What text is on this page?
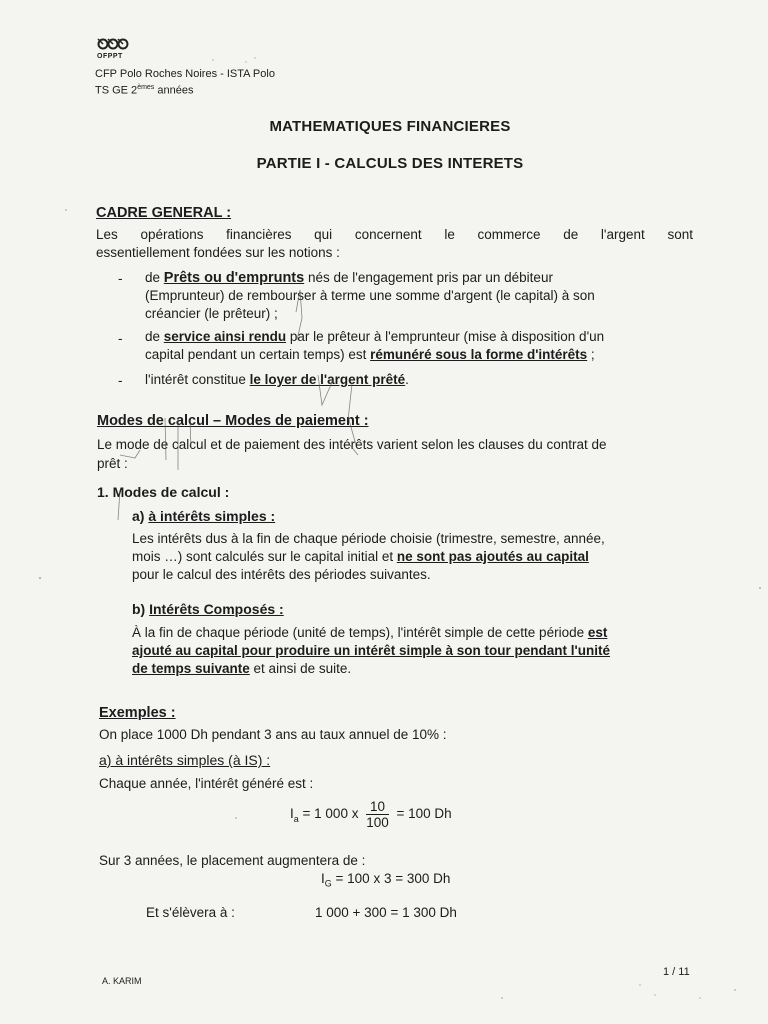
OFPPT
CFP Polo Roches Noires - ISTA Polo
TS GE 2èmes années
MATHEMATIQUES FINANCIERES
PARTIE I - CALCULS DES INTERETS
CADRE GENERAL :
Les opérations financières qui concernent le commerce de l'argent sont
essentiellement fondées sur les notions :
- de Prêts ou d'emprunts nés de l'engagement pris par un débiteur
(Emprunteur) de rembourser à terme une somme d'argent (le capital) à son
créancier (le prêteur) ;
- de service ainsi rendu par le prêteur à l'emprunteur (mise à disposition d'un
capital pendant un certain temps) est rémunéré sous la forme d'intérêts ;
- l'intérêt constitue le loyer de l'argent prêté.
Modes de calcul – Modes de paiement :
Le mode de calcul et de paiement des intérêts varient selon les clauses du contrat de
prêt :
1. Modes de calcul :
a) à intérêts simples :
Les intérêts dus à la fin de chaque période choisie (trimestre, semestre, année,
mois …) sont calculés sur le capital initial et ne sont pas ajoutés au capital
pour le calcul des intérêts des périodes suivantes.
b) Intérêts Composés :
À la fin de chaque période (unité de temps), l'intérêt simple de cette période est
ajouté au capital pour produire un intérêt simple à son tour pendant l'unité
de temps suivante et ainsi de suite.
Exemples :
On place 1000 Dh pendant 3 ans au taux annuel de 10% :
a) à intérêts simples (à IS) :
Chaque année, l'intérêt généré est :
$I_a = 1$ 000 x $\frac{10}{100} = 100$ Dh
Sur 3 années, le placement augmentera de :
$I_G = 100$ x 3 = 300 Dh
Et s'élèvera à :	1 000 + 300 = 1 300 Dh
A. KARIM
1 / 11
